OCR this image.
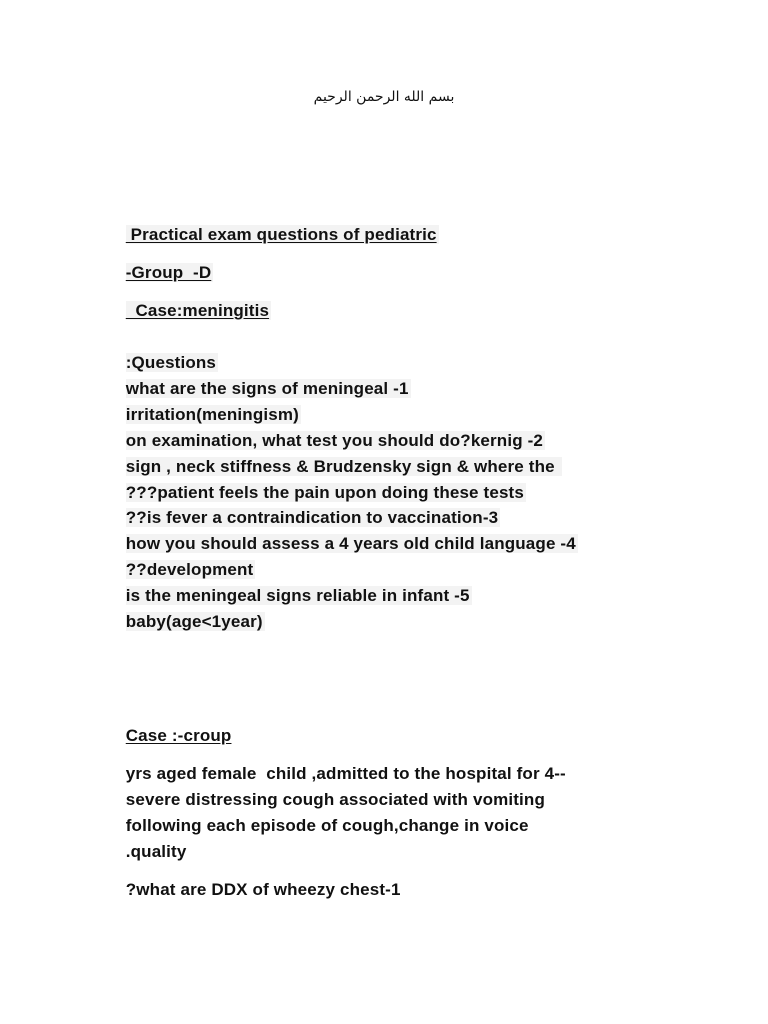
بسم الله الرحمن الرحيم

Practical exam questions of pediatric

-Group  -D

Case:meningitis

:Questions

what are the signs of meningeal -1

irritation(meningism)

on examination, what test you should do?kernig -2

sign , neck stiffness & Brudzensky sign & where the

???patient feels the pain upon doing these tests

??is fever a contraindication to vaccination-3

how you should assess a 4 years old child language -4

??development

is the meningeal signs reliable in infant -5

baby(age<1year)

Case :-croup

yrs aged female  child ,admitted to the hospital for 4--

severe distressing cough associated with vomiting

following each episode of cough,change in voice

.quality

?what are DDX of wheezy chest-1
